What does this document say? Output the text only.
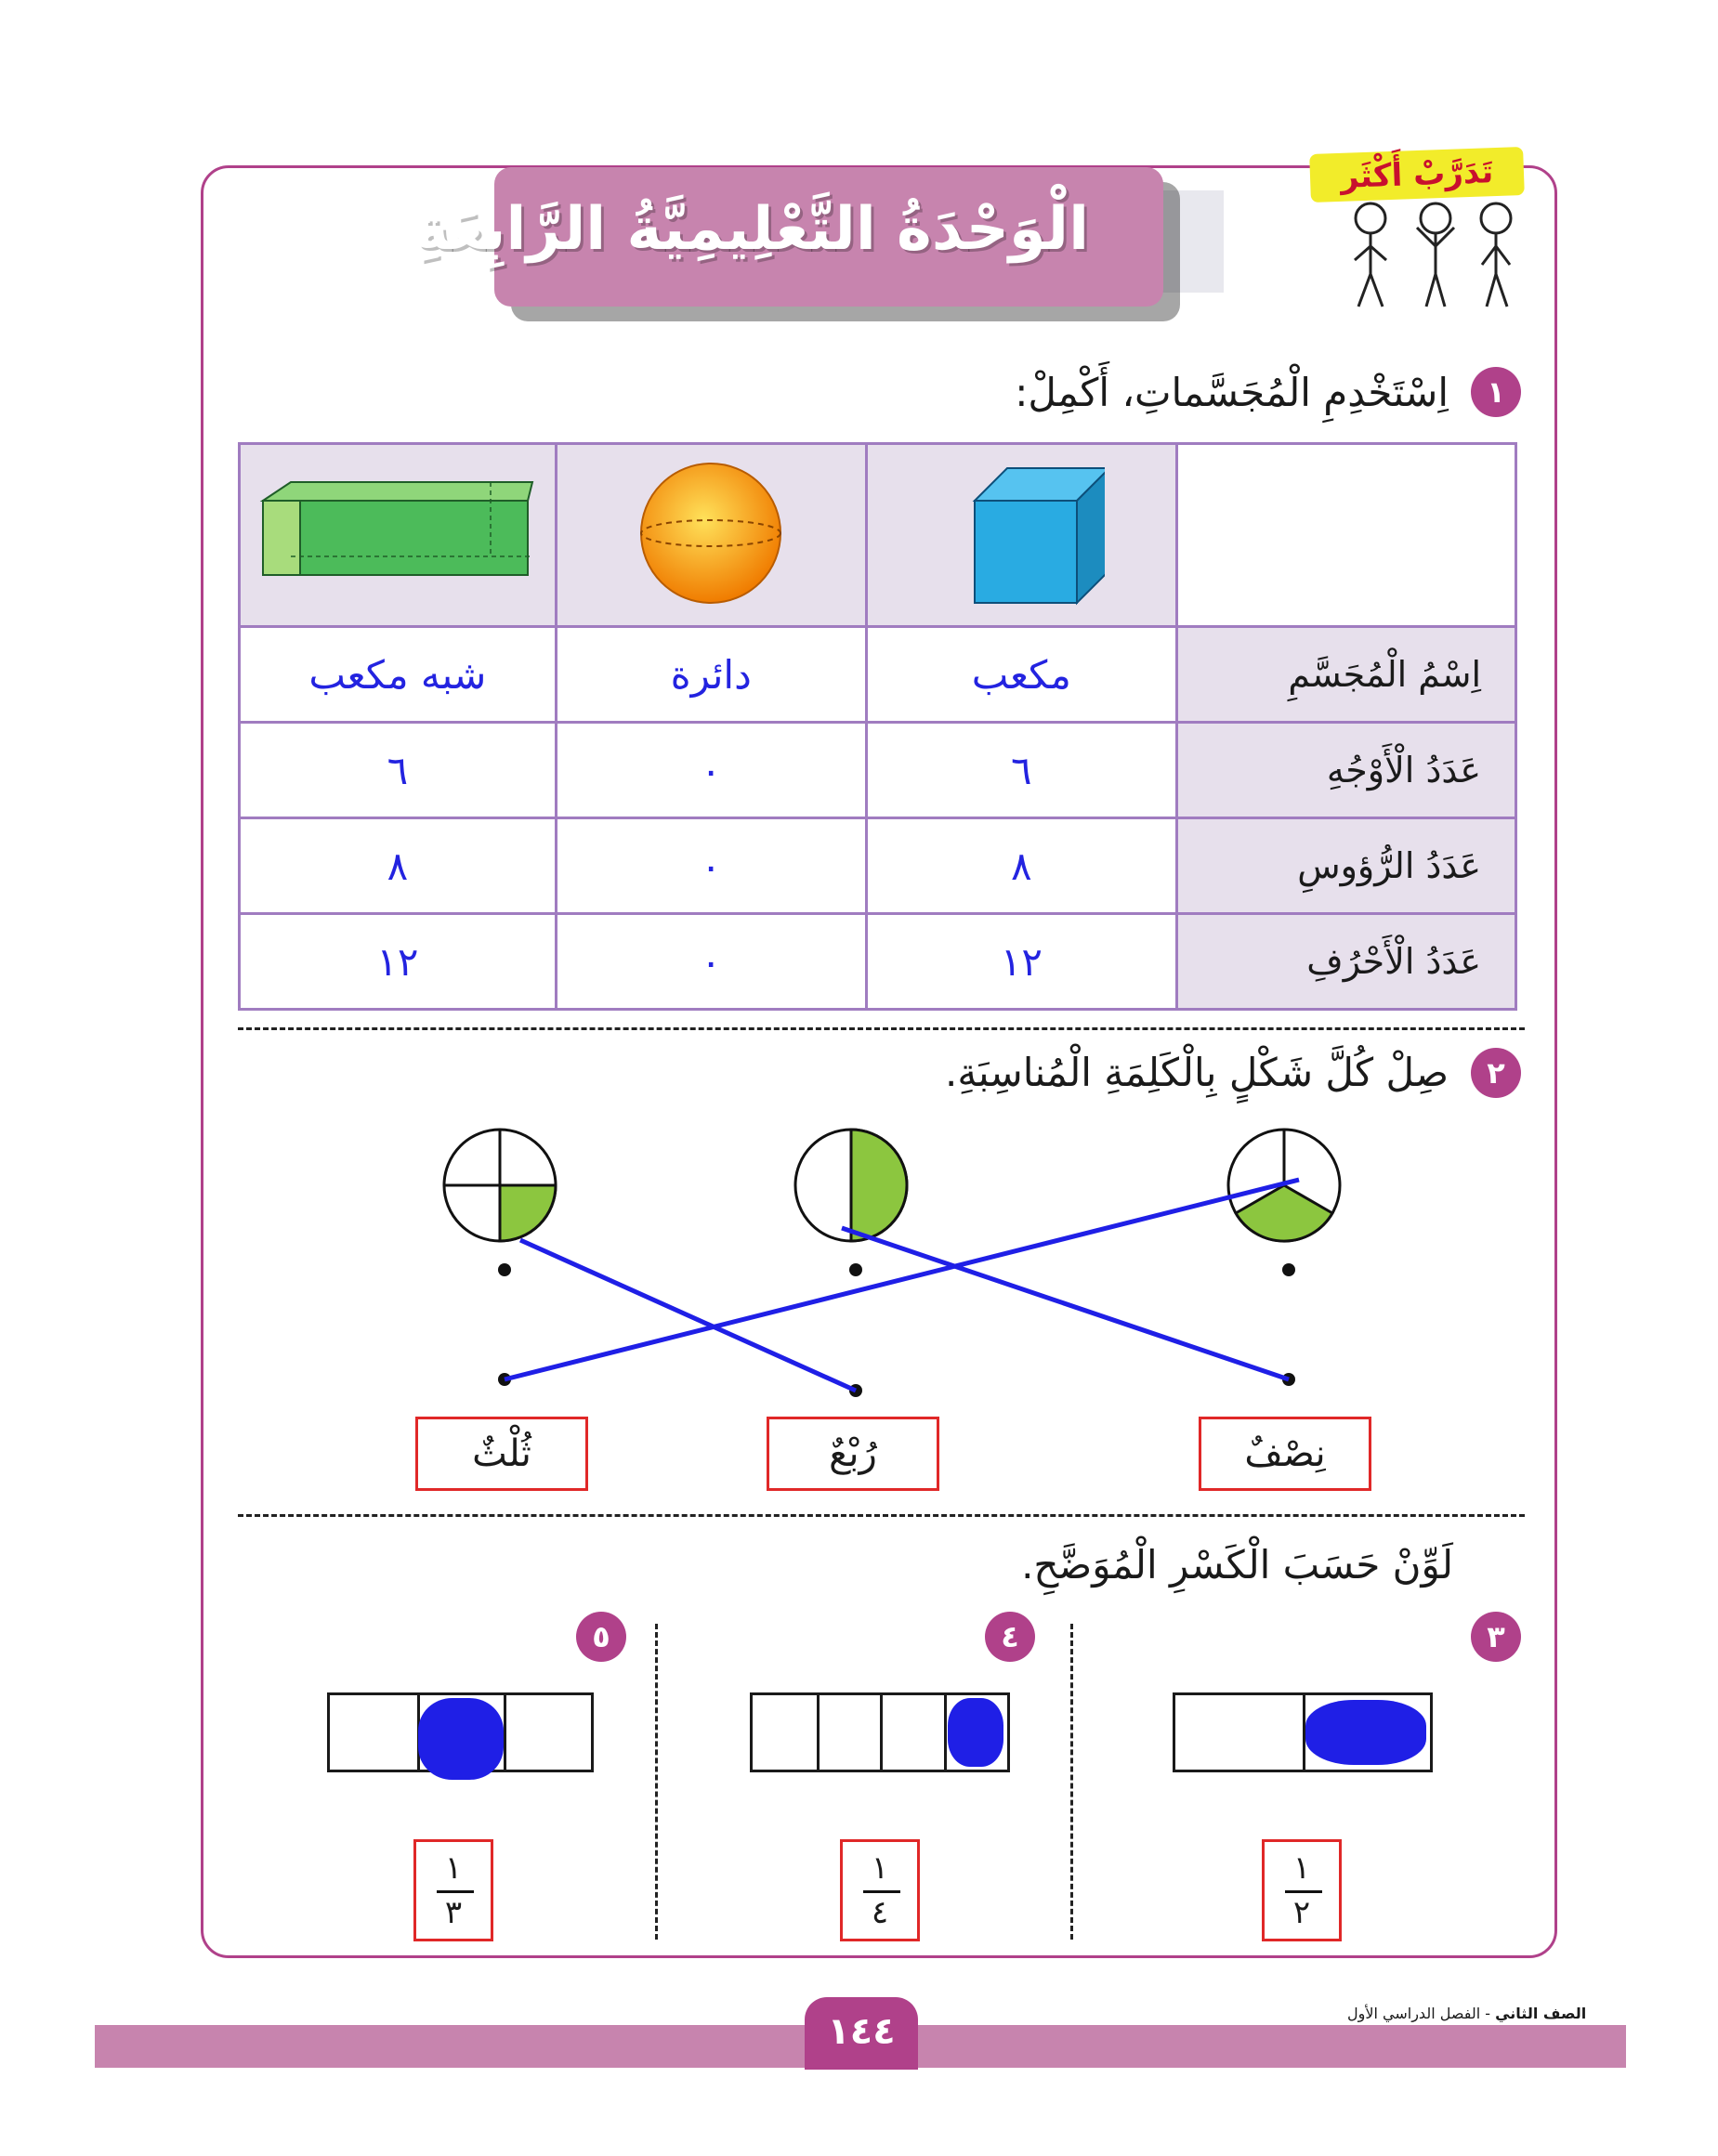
تَدَرَّبْ أَكْثَر
الْوَحْدَةُ التَّعْلِيمِيَّةُ الرَّابِعَةِ
١
اِسْتَخْدِمِ الْمُجَسَّماتِ، أَكْمِلْ:

اِسْمُ الْمُجَسَّمِ	مكعب	دائرة	شبه مكعب
عَدَدُ الْأَوْجُهِ	٦	٠	٦
عَدَدُ الرُّؤوسِ	٨	٠	٨
عَدَدُ الْأَحْرُفِ	١٢	٠	١٢
٢
صِلْ كُلَّ شَكْلٍ بِالْكَلِمَةِ الْمُناسِبَةِ.
نِصْفٌ
رُبْعٌ
ثُلْثٌ
لَوِّنْ حَسَبَ الْكَسْرِ الْمُوَضَّحِ.
٣
١
٢
٤
١
٤
٥
١
٣
١٤٤	الصف الثاني - الفصل الدراسي الأول
